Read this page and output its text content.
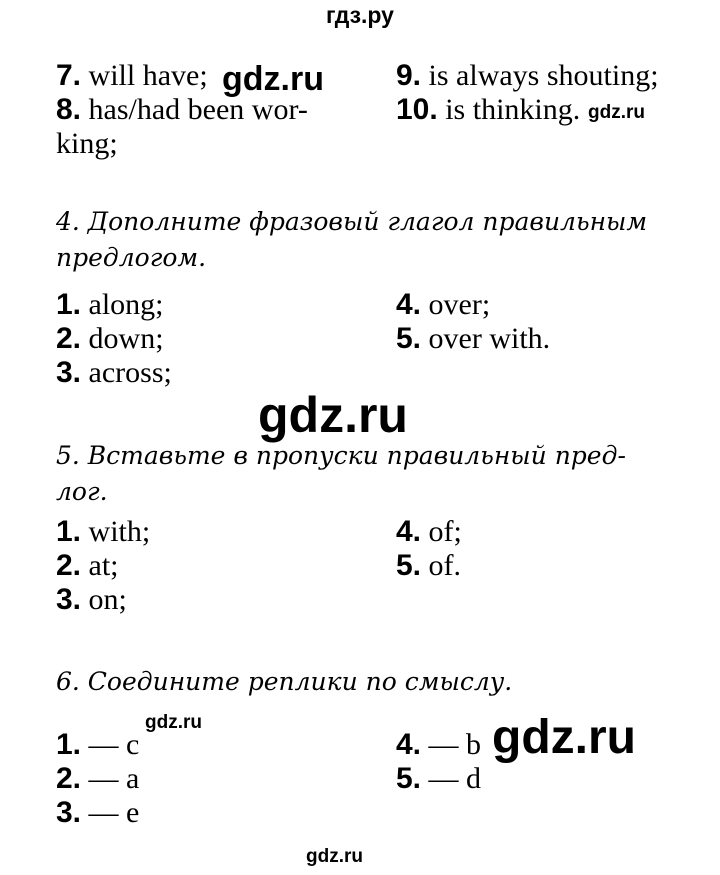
гдз.ру
7. will have;
8. has/had been wor-
king;
9. is always shouting;
10. is thinking.
4. Дополните фразовый глагол правильным
предлогом.
1. along;
2. down;
3. across;
4. over;
5. over with.
5. Вставьте в пропуски правильный пред-
лог.
1. with;
2. at;
3. on;
4. of;
5. of.
6. Соедините реплики по смыслу.
1. — c
2. — a
3. — e
4. — b
5. — d
gdz.ru
gdz.ru
gdz.ru
gdz.ru	gdz.ru
gdz.ru
